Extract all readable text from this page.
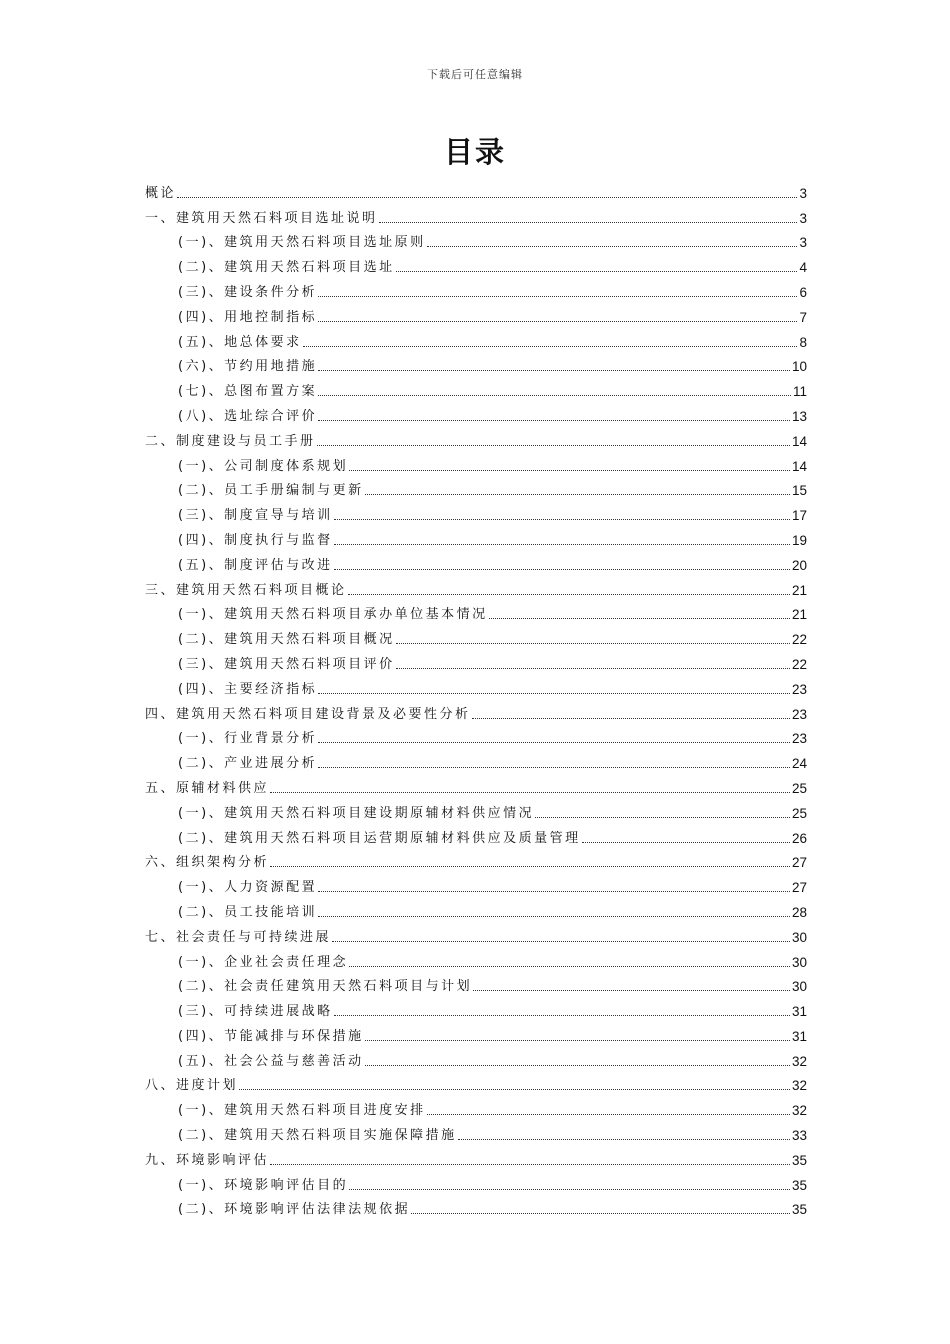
下载后可任意编辑
目录
概论	3
一、建筑用天然石料项目选址说明	3
(一)、建筑用天然石料项目选址原则	3
(二)、建筑用天然石料项目选址	4
(三)、建设条件分析	6
(四)、用地控制指标	7
(五)、地总体要求	8
(六)、节约用地措施	10
(七)、总图布置方案	11
(八)、选址综合评价	13
二、制度建设与员工手册	14
(一)、公司制度体系规划	14
(二)、员工手册编制与更新	15
(三)、制度宣导与培训	17
(四)、制度执行与监督	19
(五)、制度评估与改进	20
三、建筑用天然石料项目概论	21
(一)、建筑用天然石料项目承办单位基本情况	21
(二)、建筑用天然石料项目概况	22
(三)、建筑用天然石料项目评价	22
(四)、主要经济指标	23
四、建筑用天然石料项目建设背景及必要性分析	23
(一)、行业背景分析	23
(二)、产业进展分析	24
五、原辅材料供应	25
(一)、建筑用天然石料项目建设期原辅材料供应情况	25
(二)、建筑用天然石料项目运营期原辅材料供应及质量管理	26
六、组织架构分析	27
(一)、人力资源配置	27
(二)、员工技能培训	28
七、社会责任与可持续进展	30
(一)、企业社会责任理念	30
(二)、社会责任建筑用天然石料项目与计划	30
(三)、可持续进展战略	31
(四)、节能减排与环保措施	31
(五)、社会公益与慈善活动	32
八、进度计划	32
(一)、建筑用天然石料项目进度安排	32
(二)、建筑用天然石料项目实施保障措施	33
九、环境影响评估	35
(一)、环境影响评估目的	35
(二)、环境影响评估法律法规依据	35
